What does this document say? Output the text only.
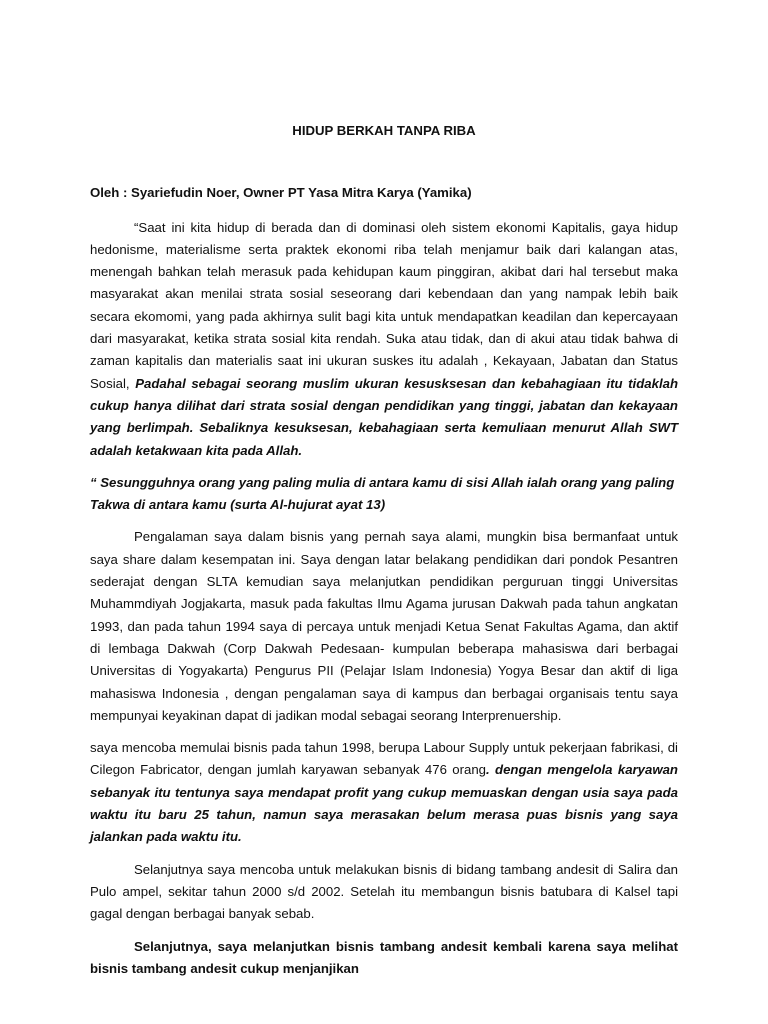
HIDUP BERKAH TANPA RIBA
Oleh : Syariefudin Noer, Owner PT Yasa Mitra Karya (Yamika)

“Saat ini kita hidup di berada dan di dominasi oleh sistem ekonomi Kapitalis, gaya hidup hedonisme, materialisme serta praktek ekonomi riba telah menjamur baik dari kalangan atas, menengah bahkan telah merasuk pada kehidupan kaum pinggiran, akibat dari hal tersebut maka masyarakat akan menilai strata sosial seseorang dari kebendaan dan yang nampak lebih baik secara ekomomi, yang pada akhirnya sulit bagi kita untuk mendapatkan keadilan dan kepercayaan dari masyarakat, ketika strata sosial kita rendah. Suka atau tidak, dan di akui atau tidak bahwa di zaman kapitalis dan materialis saat ini ukuran suskes itu adalah , Kekayaan, Jabatan dan Status Sosial, Padahal sebagai seorang muslim ukuran kesusksesan dan kebahagiaan itu tidaklah cukup hanya dilihat dari strata sosial dengan pendidikan yang tinggi, jabatan dan kekayaan yang berlimpah. Sebaliknya kesuksesan, kebahagiaan serta kemuliaan menurut Allah SWT adalah ketakwaan kita pada Allah.

“ Sesungguhnya orang yang paling mulia di antara kamu di sisi Allah ialah orang yang paling Takwa di antara kamu (surta Al-hujurat ayat 13)

Pengalaman saya dalam bisnis yang pernah saya alami, mungkin bisa bermanfaat untuk saya share dalam kesempatan ini. Saya dengan latar belakang pendidikan dari pondok Pesantren sederajat dengan SLTA kemudian saya melanjutkan pendidikan perguruan tinggi Universitas Muhammdiyah Jogjakarta, masuk pada fakultas Ilmu Agama jurusan Dakwah pada tahun angkatan 1993, dan pada tahun 1994 saya di percaya untuk menjadi Ketua Senat Fakultas Agama, dan aktif di lembaga Dakwah (Corp Dakwah Pedesaan- kumpulan beberapa mahasiswa dari berbagai Universitas di Yogyakarta) Pengurus PII (Pelajar Islam Indonesia) Yogya Besar dan aktif di liga mahasiswa Indonesia , dengan pengalaman saya di kampus dan berbagai organisais tentu saya mempunyai keyakinan dapat di jadikan modal sebagai seorang Interprenuership.

saya mencoba memulai bisnis pada tahun 1998, berupa Labour Supply untuk pekerjaan fabrikasi, di Cilegon Fabricator, dengan jumlah karyawan sebanyak 476 orang. dengan mengelola karyawan sebanyak itu tentunya saya mendapat profit yang cukup memuaskan dengan usia saya pada waktu itu baru 25 tahun, namun saya merasakan belum merasa puas bisnis yang saya jalankan pada waktu itu.

Selanjutnya saya mencoba untuk melakukan bisnis di bidang tambang andesit di Salira dan Pulo ampel, sekitar tahun 2000 s/d 2002. Setelah itu membangun bisnis batubara di Kalsel tapi gagal dengan berbagai banyak sebab.

Selanjutnya, saya melanjutkan bisnis tambang andesit kembali karena saya melihat bisnis tambang andesit cukup menjanjikan
